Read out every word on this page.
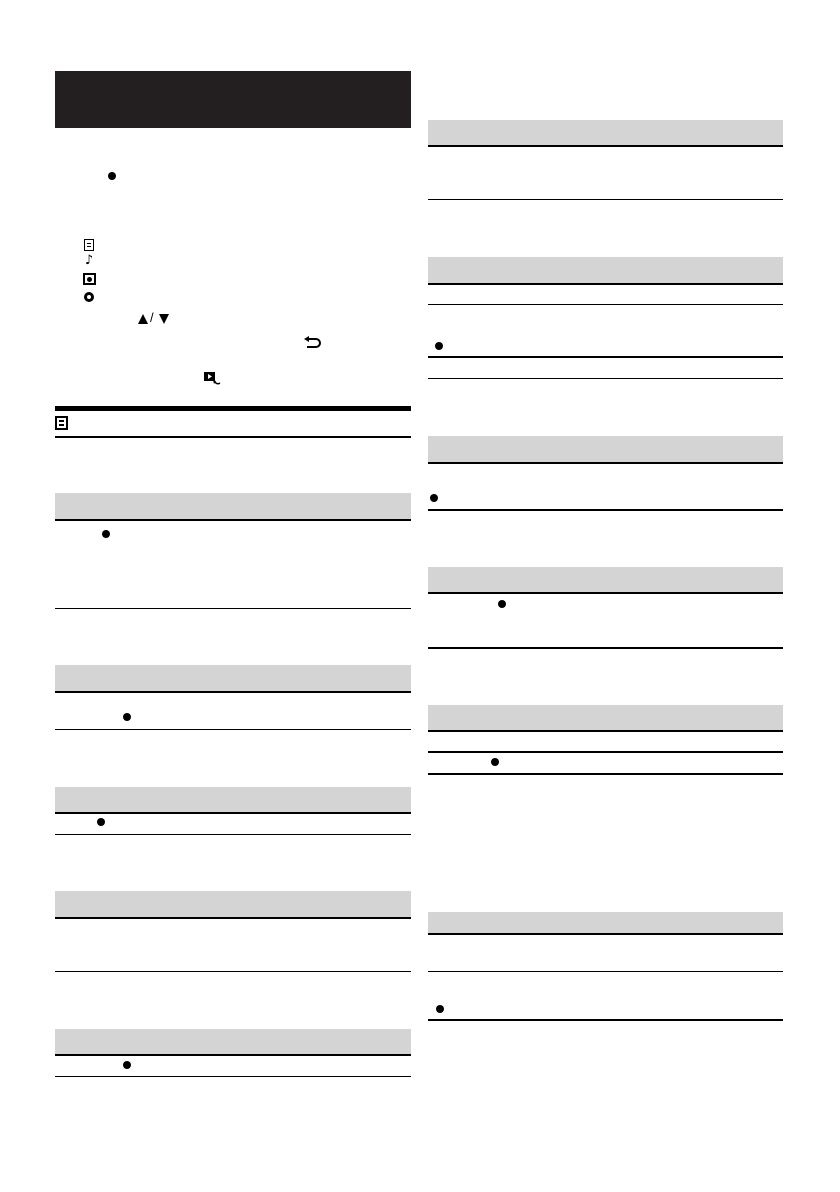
♪
/
